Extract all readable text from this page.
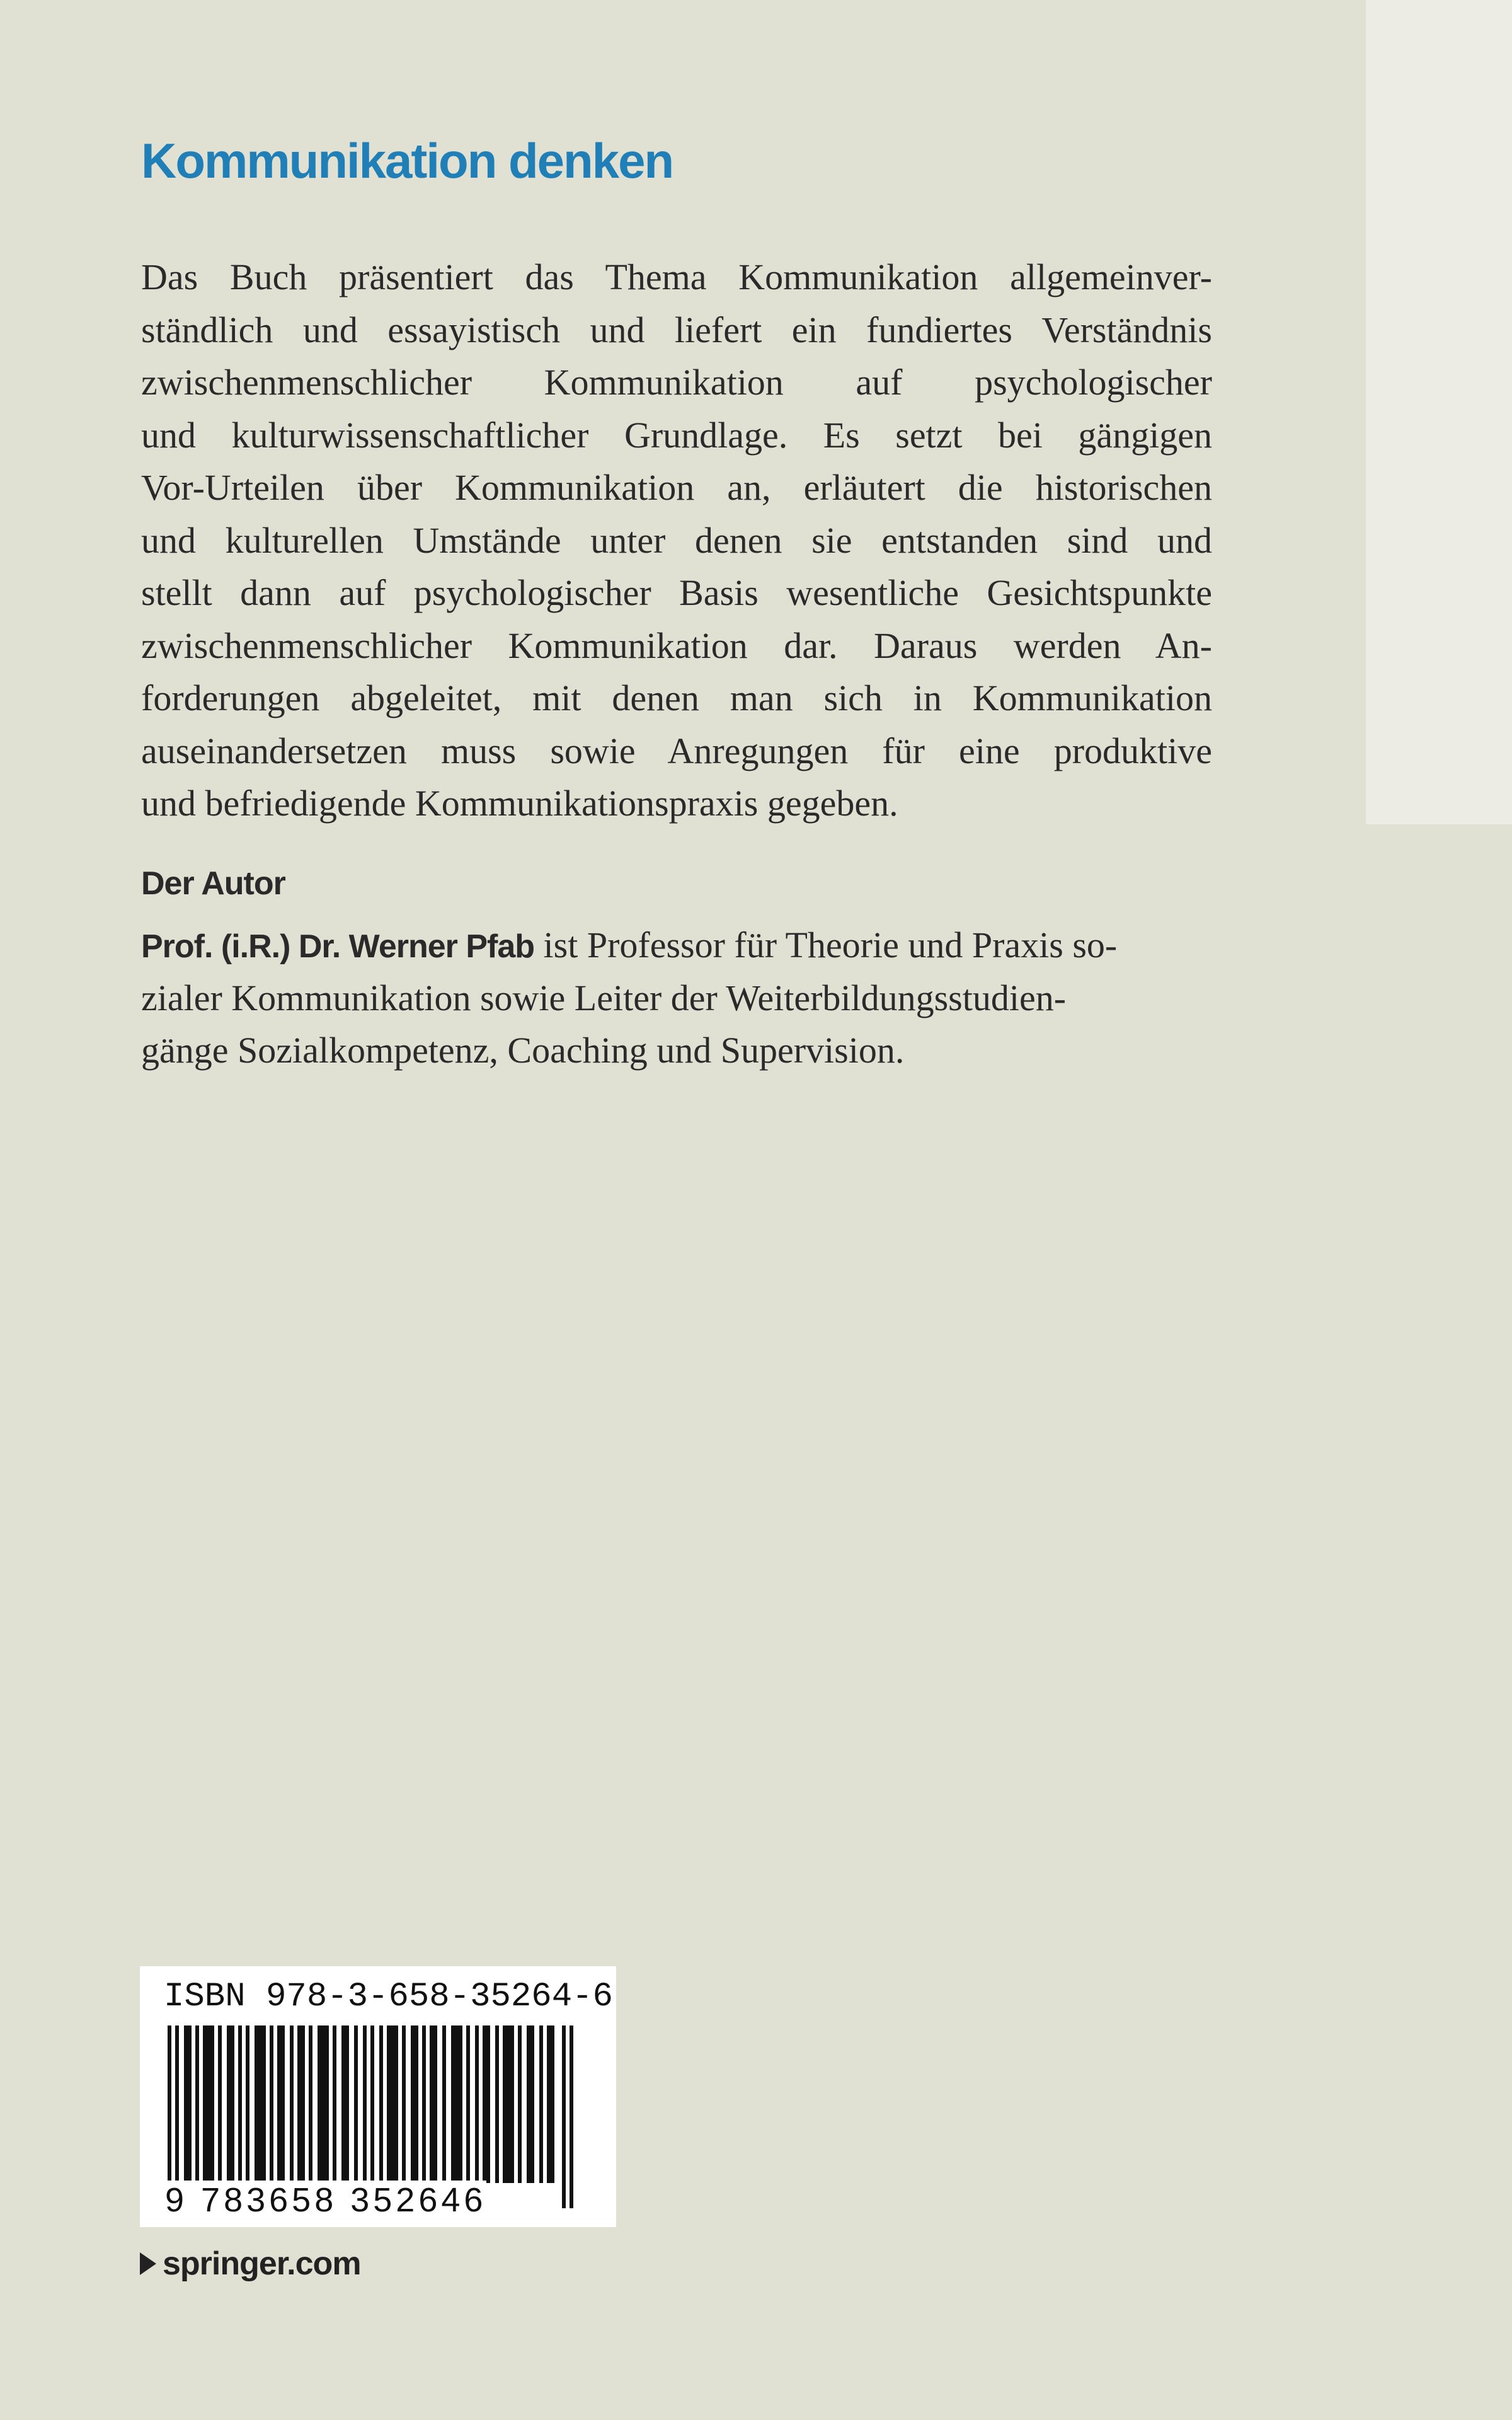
Kommunikation denken
Das Buch präsentiert das Thema Kommunikation allgemeinver-
ständlich und essayistisch und liefert ein fundiertes Verständnis
zwischenmenschlicher Kommunikation auf psychologischer
und kulturwissenschaftlicher Grundlage. Es setzt bei gängigen
Vor-Urteilen über Kommunikation an, erläutert die historischen
und kulturellen Umstände unter denen sie entstanden sind und
stellt dann auf psychologischer Basis wesentliche Gesichtspunkte
zwischenmenschlicher Kommunikation dar. Daraus werden An-
forderungen abgeleitet, mit denen man sich in Kommunikation
auseinandersetzen muss sowie Anregungen für eine produktive
und befriedigende Kommunikationspraxis gegeben.
Der Autor
Prof. (i.R.) Dr. Werner Pfab ist Professor für Theorie und Praxis so-
zialer Kommunikation sowie Leiter der Weiterbildungsstudien-
gänge Sozialkompetenz, Coaching und Supervision.
ISBN 978-3-658-35264-6
9 783658 352646
springer.com
